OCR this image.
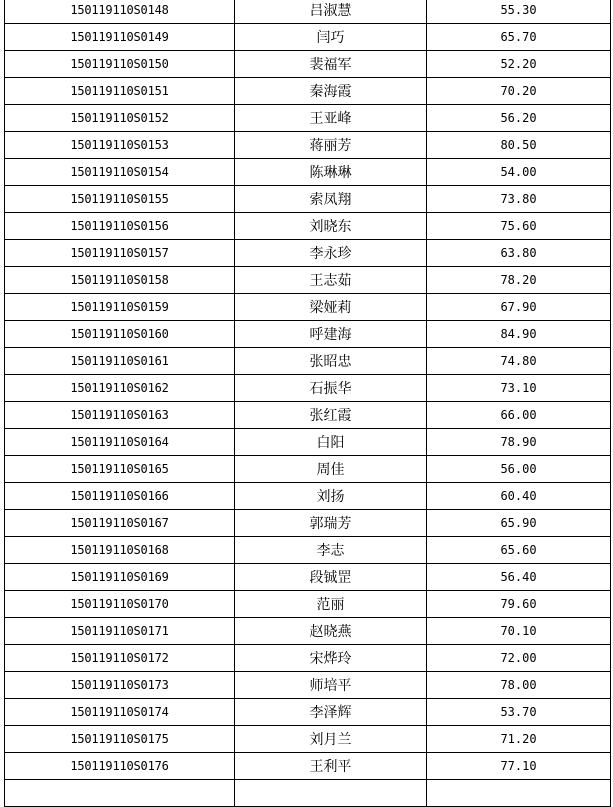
150119110S0148	吕淑慧	55.30
150119110S0149	闫巧	65.70
150119110S0150	裴福军	52.20
150119110S0151	秦海霞	70.20
150119110S0152	王亚峰	56.20
150119110S0153	蒋丽芳	80.50
150119110S0154	陈琳琳	54.00
150119110S0155	索凤翔	73.80
150119110S0156	刘晓东	75.60
150119110S0157	李永珍	63.80
150119110S0158	王志茹	78.20
150119110S0159	梁娅莉	67.90
150119110S0160	呼建海	84.90
150119110S0161	张昭忠	74.80
150119110S0162	石振华	73.10
150119110S0163	张红霞	66.00
150119110S0164	白阳	78.90
150119110S0165	周佳	56.00
150119110S0166	刘扬	60.40
150119110S0167	郭瑞芳	65.90
150119110S0168	李志	65.60
150119110S0169	段铖罡	56.40
150119110S0170	范丽	79.60
150119110S0171	赵晓燕	70.10
150119110S0172	宋烨玲	72.00
150119110S0173	师培平	78.00
150119110S0174	李泽辉	53.70
150119110S0175	刘月兰	71.20
150119110S0176	王利平	77.10
